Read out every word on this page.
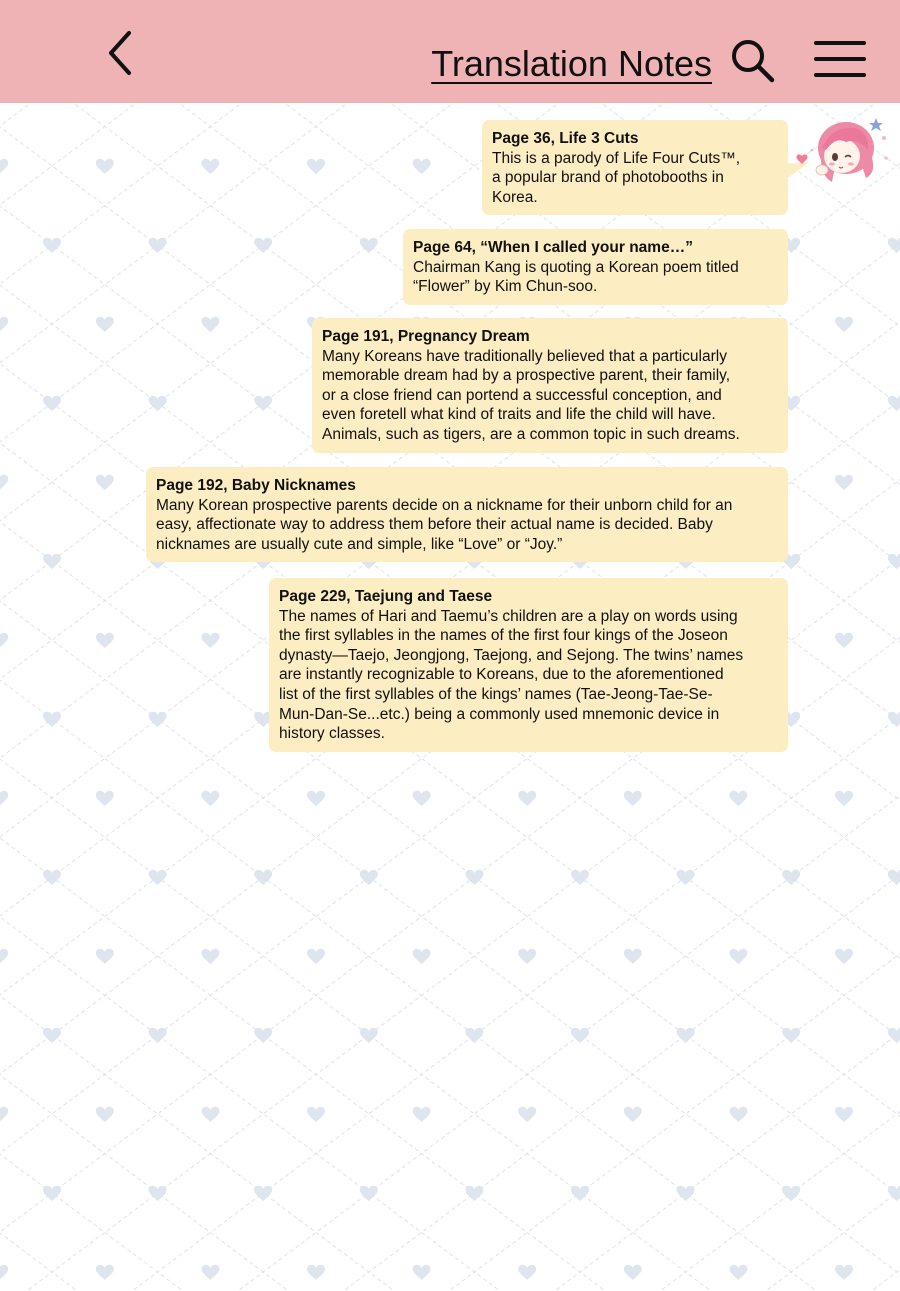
Translation Notes
Page 36, Life 3 Cuts
This is a parody of Life Four Cuts™,
a popular brand of photobooths in
Korea.
Page 64, “When I called your name…”
Chairman Kang is quoting a Korean poem titled
“Flower” by Kim Chun-soo.
Page 191, Pregnancy Dream
Many Koreans have traditionally believed that a particularly
memorable dream had by a prospective parent, their family,
or a close friend can portend a successful conception, and
even foretell what kind of traits and life the child will have.
Animals, such as tigers, are a common topic in such dreams.
Page 192, Baby Nicknames
Many Korean prospective parents decide on a nickname for their unborn child for an
easy, affectionate way to address them before their actual name is decided. Baby
nicknames are usually cute and simple, like “Love” or “Joy.”
Page 229, Taejung and Taese
The names of Hari and Taemu’s children are a play on words using
the first syllables in the names of the first four kings of the Joseon
dynasty—Taejo, Jeongjong, Taejong, and Sejong. The twins’ names
are instantly recognizable to Koreans, due to the aforementioned
list of the first syllables of the kings’ names (Tae-Jeong-Tae-Se-
Mun-Dan-Se...etc.) being a commonly used mnemonic device in
history classes.
